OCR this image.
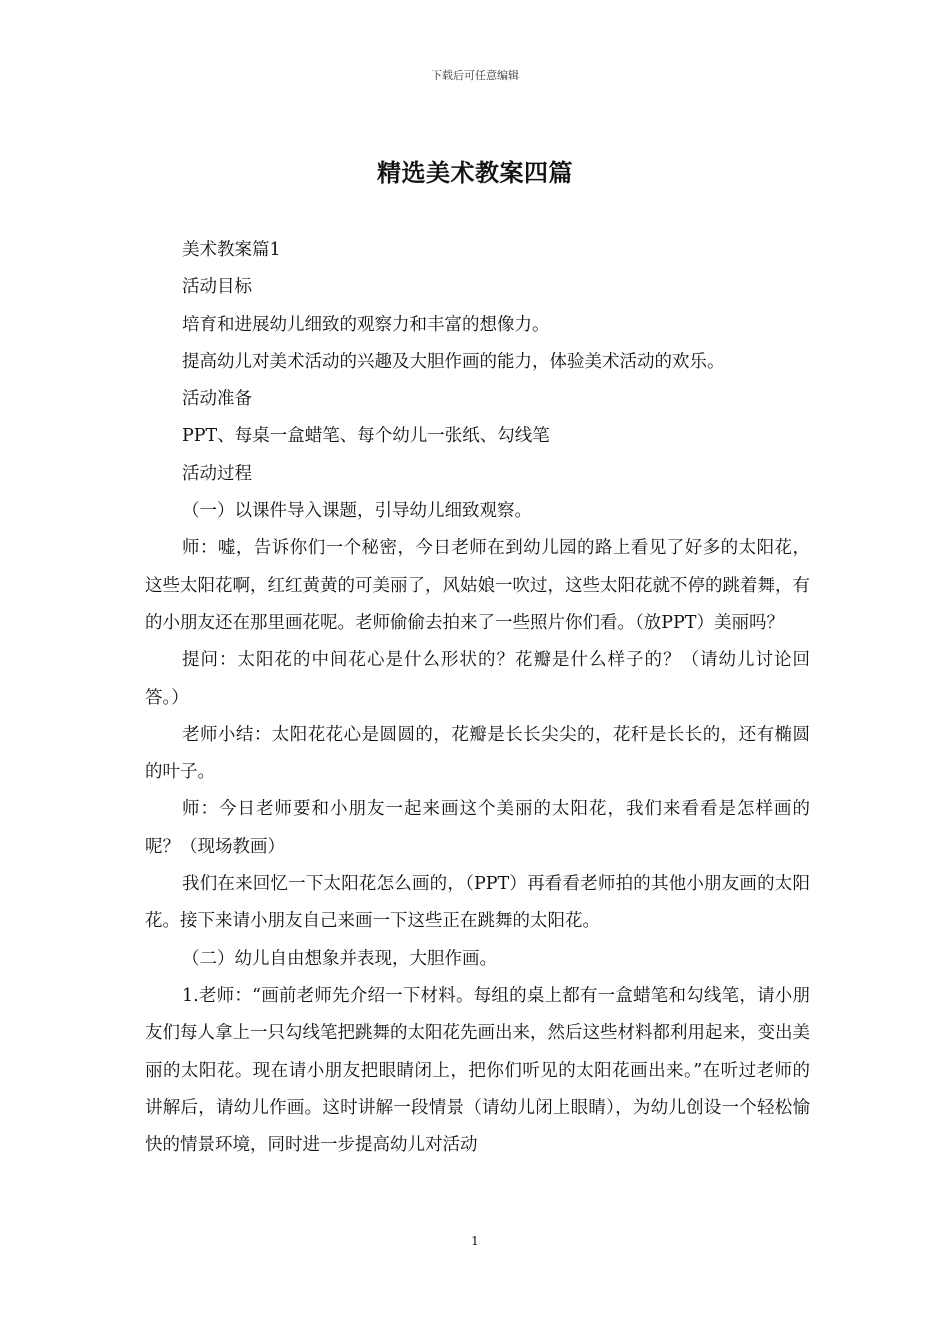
下载后可任意编辑
精选美术教案四篇

美术教案篇1

活动目标

培育和进展幼儿细致的观察力和丰富的想像力。

提高幼儿对美术活动的兴趣及大胆作画的能力，体验美术活动的欢乐。

活动准备

PPT、每桌一盒蜡笔、每个幼儿一张纸、勾线笔

活动过程

（一）以课件导入课题，引导幼儿细致观察。

师：嘘，告诉你们一个秘密，今日老师在到幼儿园的路上看见了好多的太阳花，这些太阳花啊，红红黄黄的可美丽了，风姑娘一吹过，这些太阳花就不停的跳着舞，有的小朋友还在那里画花呢。老师偷偷去拍来了一些照片你们看。（放PPT）美丽吗？

提问：太阳花的中间花心是什么形状的？花瓣是什么样子的？（请幼儿讨论回答。）

老师小结：太阳花花心是圆圆的，花瓣是长长尖尖的，花秆是长长的，还有椭圆的叶子。

师：今日老师要和小朋友一起来画这个美丽的太阳花，我们来看看是怎样画的呢？（现场教画）

我们在来回忆一下太阳花怎么画的，（PPT）再看看老师拍的其他小朋友画的太阳花。接下来请小朋友自己来画一下这些正在跳舞的太阳花。

（二）幼儿自由想象并表现，大胆作画。

1.老师：“画前老师先介绍一下材料。每组的桌上都有一盒蜡笔和勾线笔，请小朋友们每人拿上一只勾线笔把跳舞的太阳花先画出来，然后这些材料都利用起来，变出美丽的太阳花。现在请小朋友把眼睛闭上，把你们听见的太阳花画出来。”在听过老师的讲解后，请幼儿作画。这时讲解一段情景（请幼儿闭上眼睛），为幼儿创设一个轻松愉快的情景环境，同时进一步提高幼儿对活动

1
